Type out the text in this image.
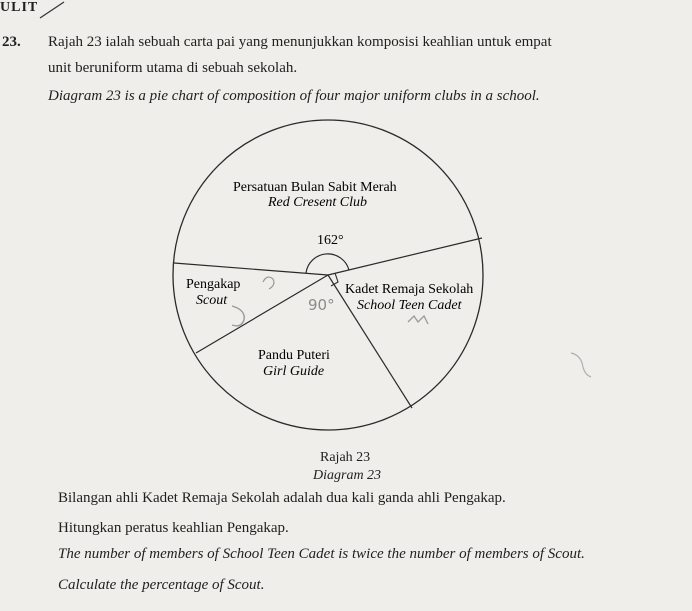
ULIT
23. Rajah 23 ialah sebuah carta pai yang menunjukkan komposisi keahlian untuk empat
unit beruniform utama di sebuah sekolah.
Diagram 23 is a pie chart of composition of four major uniform clubs in a school.
Persatuan Bulan Sabit Merah
Red Cresent Club
162°
Kadet Remaja Sekolah
School Teen Cadet
Pandu Puteri
Girl Guide
Pengakap
Scout	90°
Rajah 23
Diagram 23
Bilangan ahli Kadet Remaja Sekolah adalah dua kali ganda ahli Pengakap.
Hitungkan peratus keahlian Pengakap.
The number of members of School Teen Cadet is twice the number of members of Scout.
Calculate the percentage of Scout.
